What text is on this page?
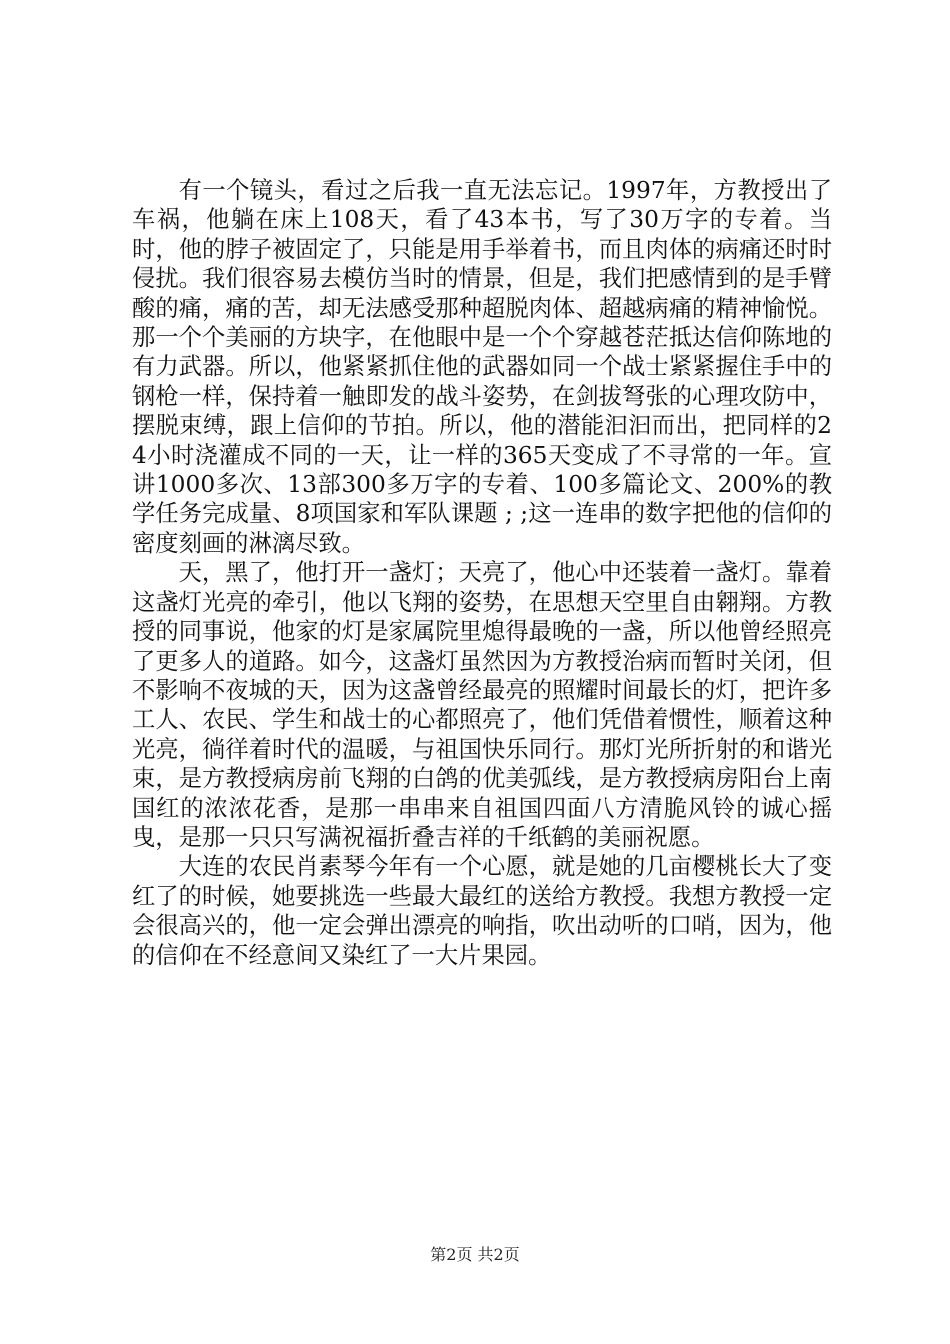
有一个镜头，看过之后我一直无法忘记。1997年，方教授出了车祸，他躺在床上108天，看了43本书，写了30万字的专着。当时，他的脖子被固定了，只能是用手举着书，而且肉体的病痛还时时侵扰。我们很容易去模仿当时的情景，但是，我们把感情到的是手臂酸的痛，痛的苦，却无法感受那种超脱肉体、超越病痛的精神愉悦。那一个个美丽的方块字，在他眼中是一个个穿越苍茫抵达信仰陈地的有力武器。所以，他紧紧抓住他的武器如同一个战士紧紧握住手中的钢枪一样，保持着一触即发的战斗姿势，在剑拔弩张的心理攻防中，摆脱束缚，跟上信仰的节拍。所以，他的潜能汩汩而出，把同样的24小时浇灌成不同的一天，让一样的365天变成了不寻常的一年。宣讲1000多次、13部300多万字的专着、100多篇论文、200%的教学任务完成量、8项国家和军队课题 ; ;这一连串的数字把他的信仰的密度刻画的淋漓尽致。

天，黑了，他打开一盏灯；天亮了，他心中还装着一盏灯。靠着这盏灯光亮的牵引，他以飞翔的姿势，在思想天空里自由翱翔。方教授的同事说，他家的灯是家属院里熄得最晚的一盏，所以他曾经照亮了更多人的道路。如今，这盏灯虽然因为方教授治病而暂时关闭，但不影响不夜城的天，因为这盏曾经最亮的照耀时间最长的灯，把许多工人、农民、学生和战士的心都照亮了，他们凭借着惯性，顺着这种光亮，徜徉着时代的温暖，与祖国快乐同行。那灯光所折射的和谐光束，是方教授病房前飞翔的白鸽的优美弧线，是方教授病房阳台上南国红的浓浓花香，是那一串串来自祖国四面八方清脆风铃的诚心摇曳，是那一只只写满祝福折叠吉祥的千纸鹤的美丽祝愿。

大连的农民肖素琴今年有一个心愿，就是她的几亩樱桃长大了变红了的时候，她要挑选一些最大最红的送给方教授。我想方教授一定会很高兴的，他一定会弹出漂亮的响指，吹出动听的口哨，因为，他的信仰在不经意间又染红了一大片果园。

第2页 共2页
